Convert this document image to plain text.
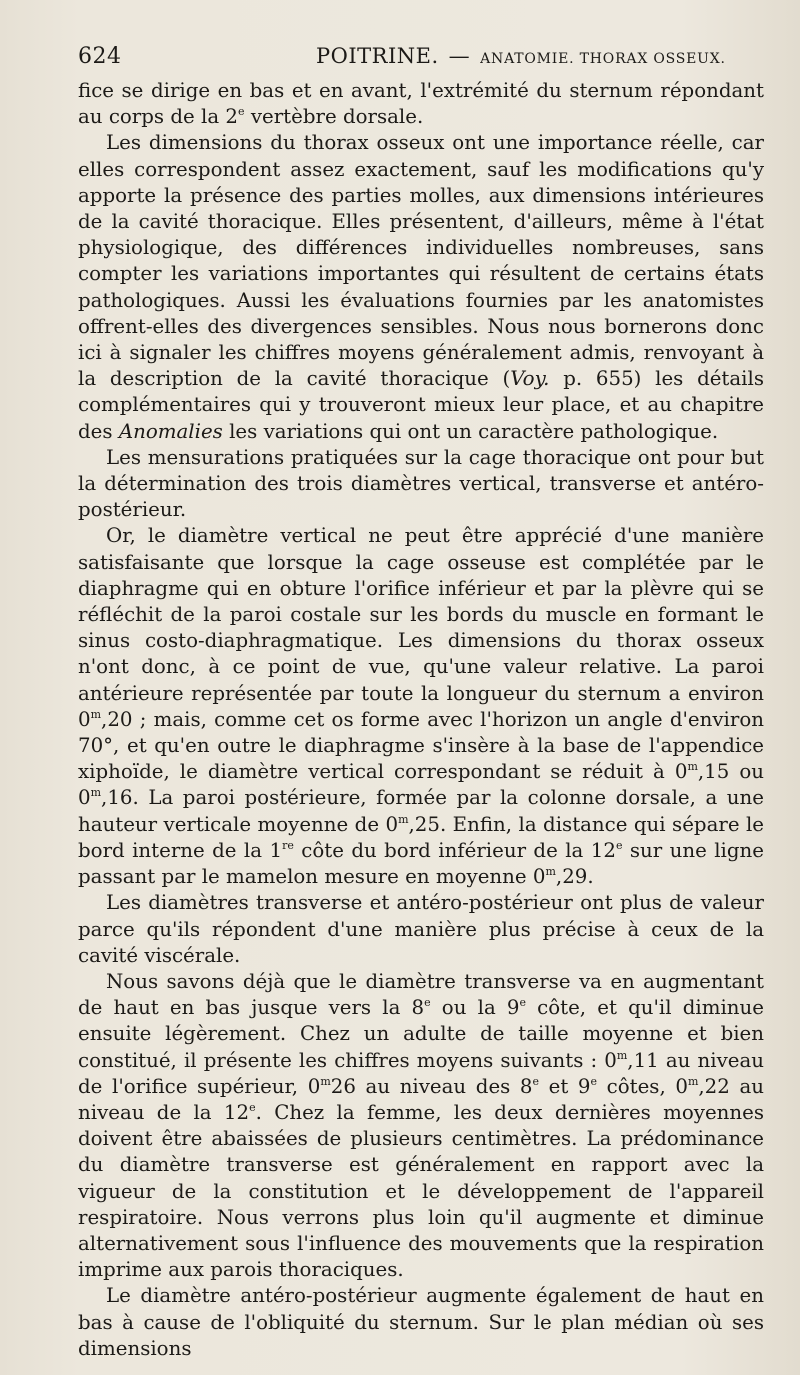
624	POITRINE. — ANATOMIE. THORAX OSSEUX.

fice se dirige en bas et en avant, l'extrémité du sternum répondant au corps de la 2e vertèbre dorsale.

Les dimensions du thorax osseux ont une importance réelle, car elles correspondent assez exactement, sauf les modifications qu'y apporte la présence des parties molles, aux dimensions intérieures de la cavité thoracique. Elles présentent, d'ailleurs, même à l'état physiologique, des différences individuelles nombreuses, sans compter les variations importantes qui résultent de certains états pathologiques. Aussi les évaluations fournies par les anatomistes offrent-elles des divergences sensibles. Nous nous bornerons donc ici à signaler les chiffres moyens généralement admis, renvoyant à la description de la cavité thoracique (Voy. p. 655) les détails complémentaires qui y trouveront mieux leur place, et au chapitre des Anomalies les variations qui ont un caractère pathologique.

Les mensurations pratiquées sur la cage thoracique ont pour but la détermination des trois diamètres vertical, transverse et antéro-postérieur.

Or, le diamètre vertical ne peut être apprécié d'une manière satisfaisante que lorsque la cage osseuse est complétée par le diaphragme qui en obture l'orifice inférieur et par la plèvre qui se réfléchit de la paroi costale sur les bords du muscle en formant le sinus costo-diaphragmatique. Les dimensions du thorax osseux n'ont donc, à ce point de vue, qu'une valeur relative. La paroi antérieure représentée par toute la longueur du sternum a environ 0$^m$,20 ; mais, comme cet os forme avec l'horizon un angle d'environ 70°, et qu'en outre le diaphragme s'insère à la base de l'appendice xiphoïde, le diamètre vertical correspondant se réduit à 0$^m$,15 ou 0$^m$,16. La paroi postérieure, formée par la colonne dorsale, a une hauteur verticale moyenne de 0$^m$,25. Enfin, la distance qui sépare le bord interne de la 1re côte du bord inférieur de la 12e sur une ligne passant par le mamelon mesure en moyenne 0$^m$,29.

Les diamètres transverse et antéro-postérieur ont plus de valeur parce qu'ils répondent d'une manière plus précise à ceux de la cavité viscérale.

Nous savons déjà que le diamètre transverse va en augmentant de haut en bas jusque vers la 8e ou la 9e côte, et qu'il diminue ensuite légèrement. Chez un adulte de taille moyenne et bien constitué, il présente les chiffres moyens suivants : 0$^m$,11 au niveau de l'orifice supérieur, 0$^m$26 au niveau des 8e et 9e côtes, 0$^m$,22 au niveau de la 12e. Chez la femme, les deux dernières moyennes doivent être abaissées de plusieurs centimètres. La prédominance du diamètre transverse est généralement en rapport avec la vigueur de la constitution et le développement de l'appareil respiratoire. Nous verrons plus loin qu'il augmente et diminue alternativement sous l'influence des mouvements que la respiration imprime aux parois thoraciques.

Le diamètre antéro-postérieur augmente également de haut en bas à cause de l'obliquité du sternum. Sur le plan médian où ses dimensions
